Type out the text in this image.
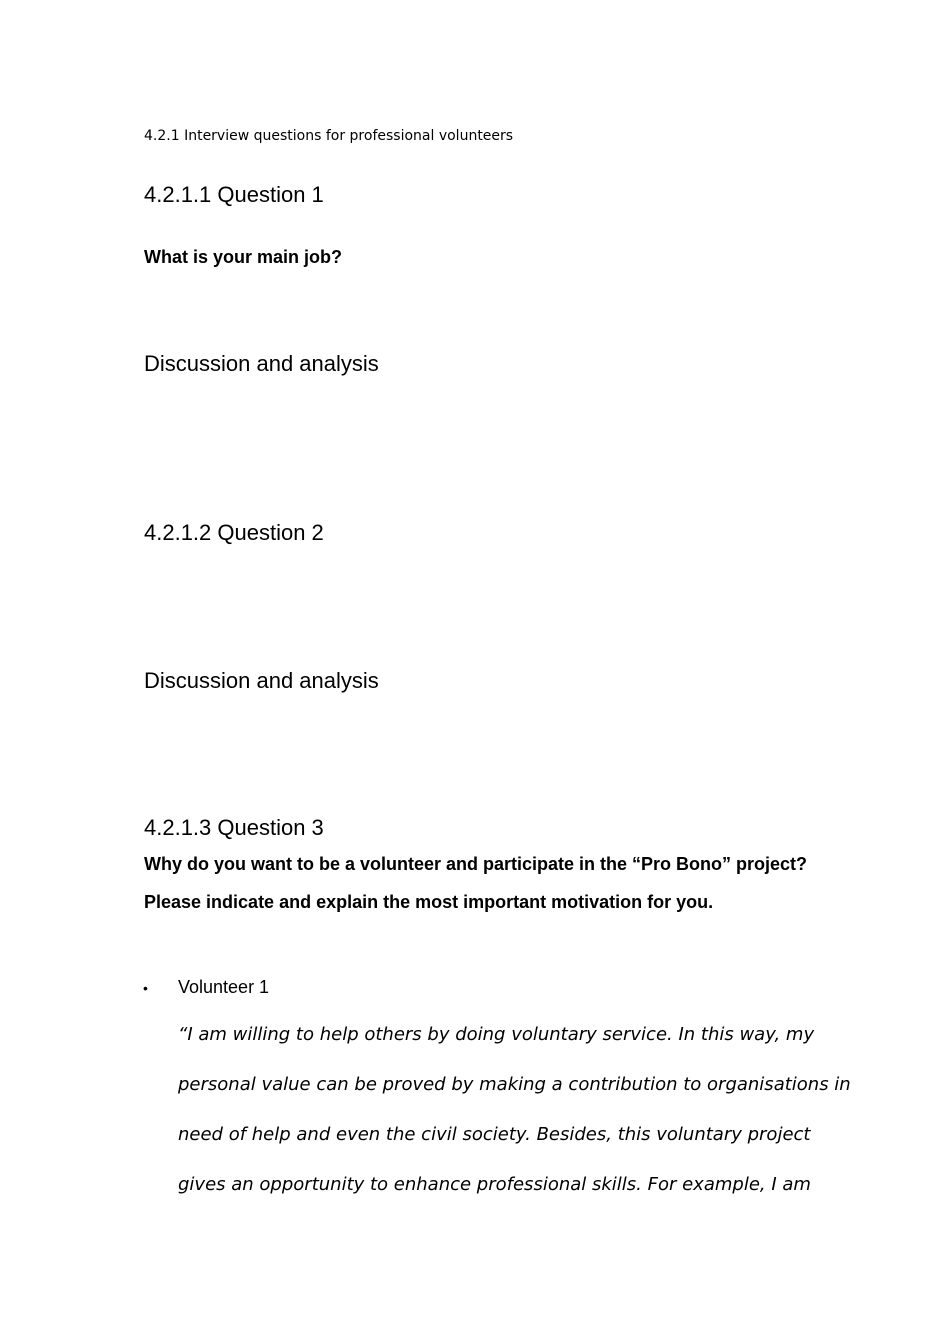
4.2.1 Interview questions for professional volunteers
4.2.1.1 Question 1
What is your main job?
Discussion and analysis
4.2.1.2 Question 2
Discussion and analysis
4.2.1.3 Question 3
Why do you want to be a volunteer and participate in the “Pro Bono” project?
Please indicate and explain the most important motivation for you.
• Volunteer 1
“I am willing to help others by doing voluntary service. In this way, my
personal value can be proved by making a contribution to organisations in
need of help and even the civil society. Besides, this voluntary project
gives an opportunity to enhance professional skills. For example, I am
